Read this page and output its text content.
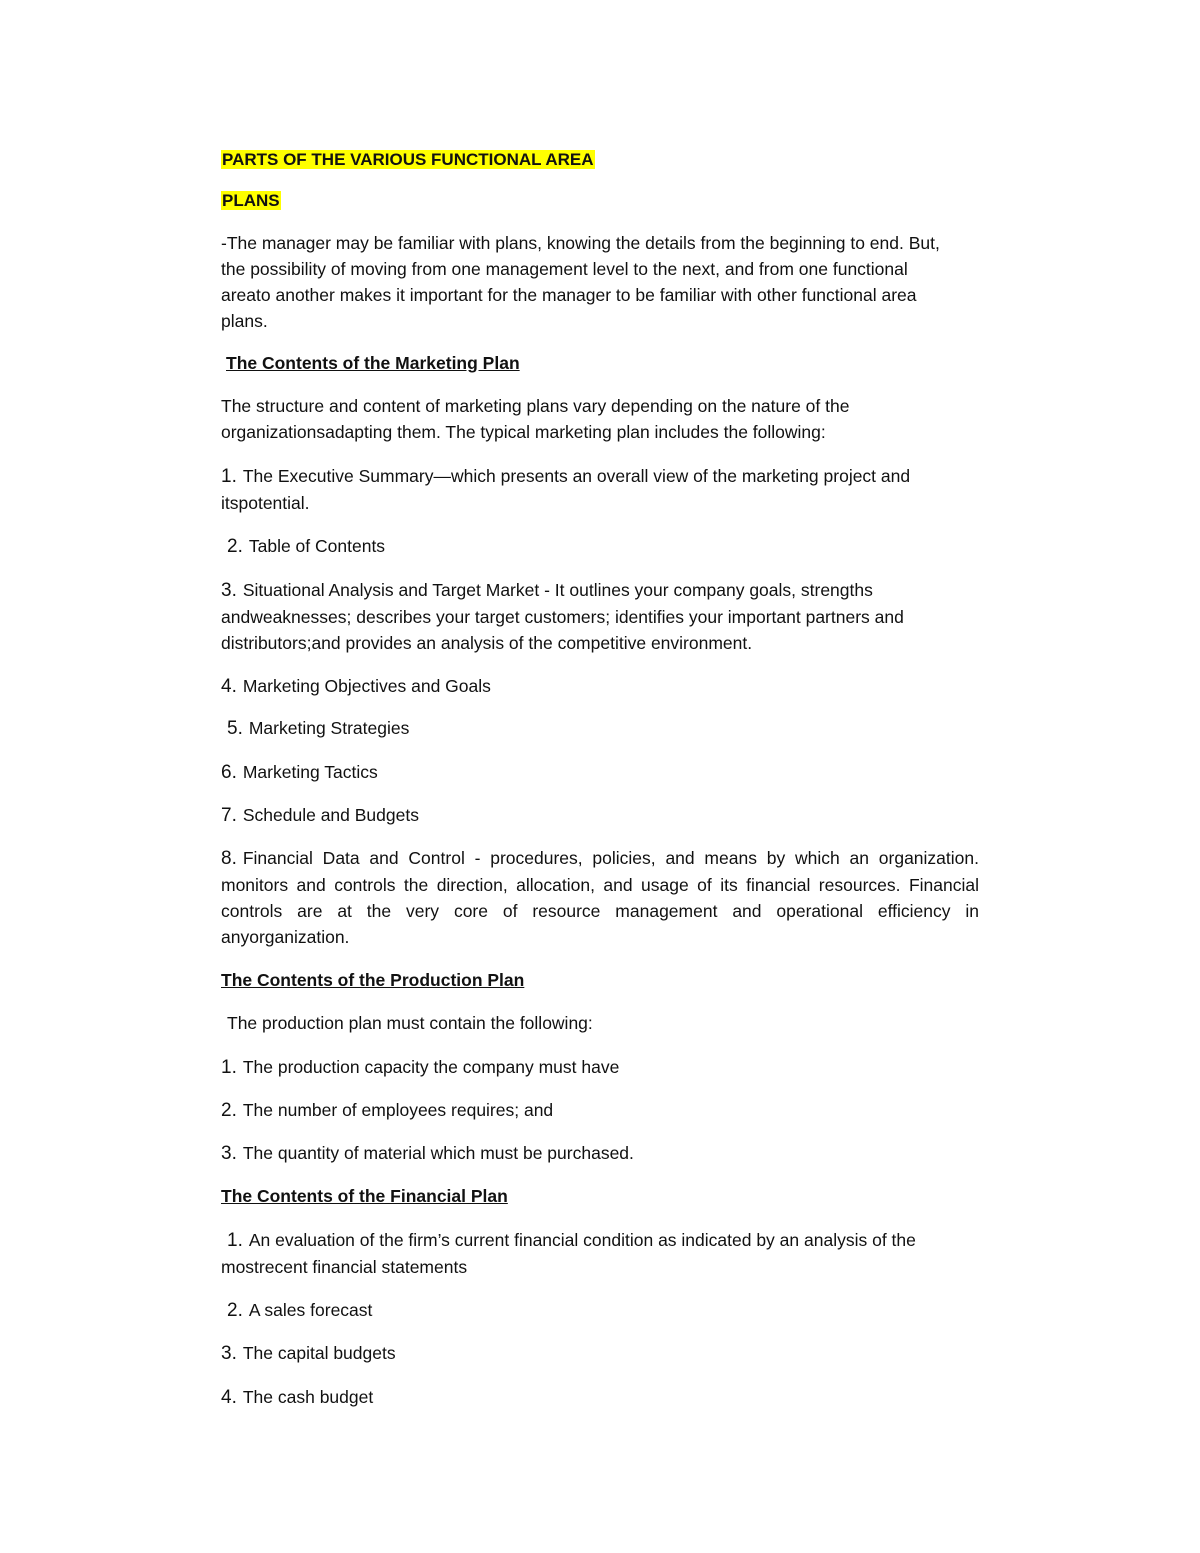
PARTS OF THE VARIOUS FUNCTIONAL AREA
PLANS

-The manager may be familiar with plans, knowing the details from the beginning to end. But, the possibility of moving from one management level to the next, and from one functional areato another makes it important for the manager to be familiar with other functional area plans.

The Contents of the Marketing Plan

The structure and content of marketing plans vary depending on the nature of the organizationsadapting them. The typical marketing plan includes the following:

1. The Executive Summary—which presents an overall view of the marketing project and itspotential.

2. Table of Contents

3. Situational Analysis and Target Market - It outlines your company goals, strengths andweaknesses; describes your target customers; identifies your important partners and distributors;and provides an analysis of the competitive environment.

4. Marketing Objectives and Goals

5. Marketing Strategies

6. Marketing Tactics

7. Schedule and Budgets

8. Financial Data and Control - procedures, policies, and means by which an organization. monitors and controls the direction, allocation, and usage of its financial resources. Financial controls are at the very core of resource management and operational efficiency in anyorganization.

The Contents of the Production Plan

The production plan must contain the following:

1. The production capacity the company must have

2. The number of employees requires; and

3. The quantity of material which must be purchased.

The Contents of the Financial Plan

1. An evaluation of the firm’s current financial condition as indicated by an analysis of the mostrecent financial statements

2. A sales forecast

3. The capital budgets

4. The cash budget
